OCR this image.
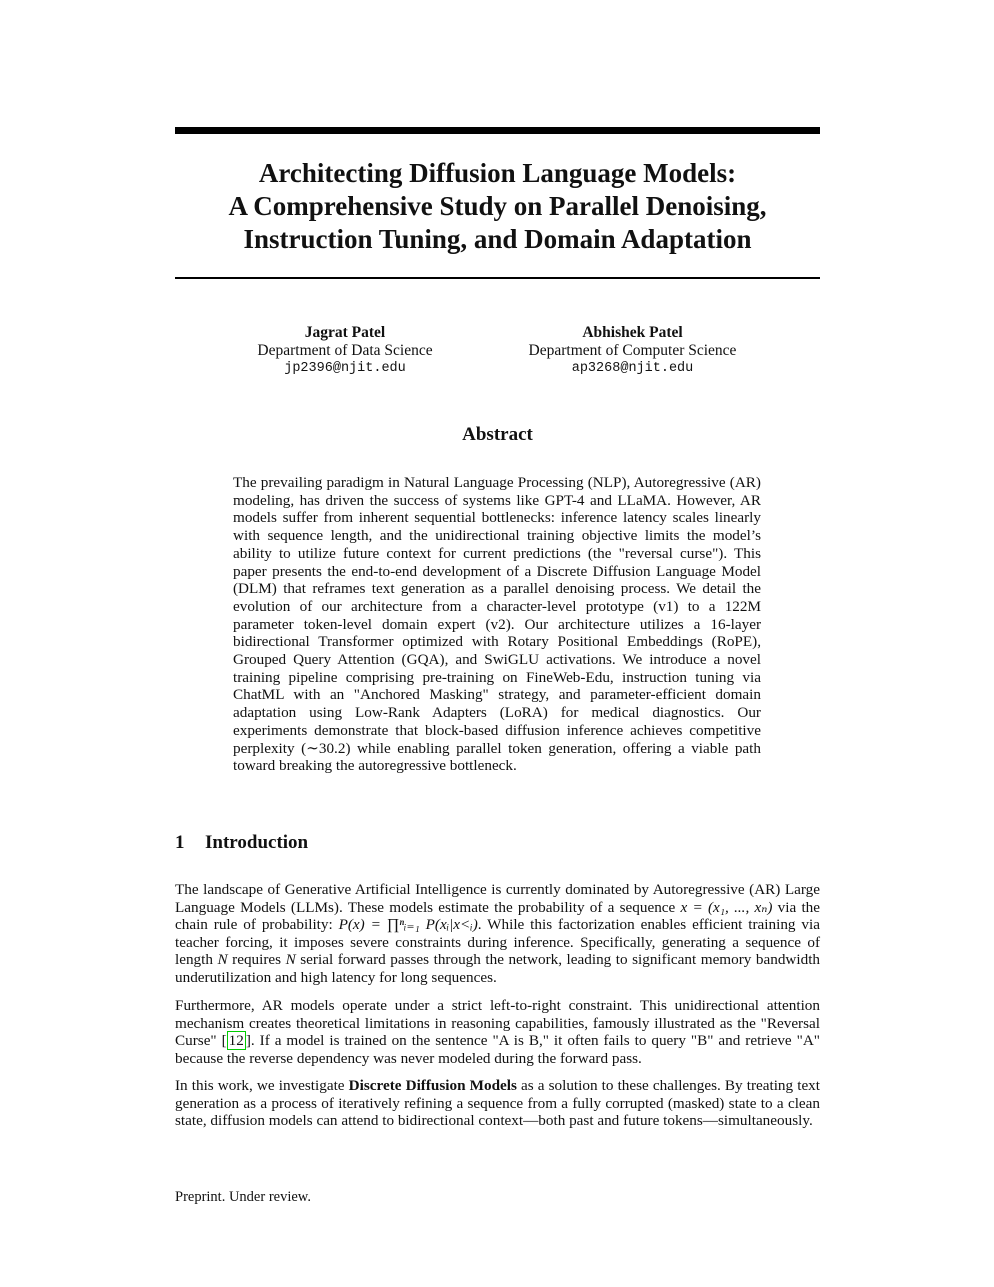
Architecting Diffusion Language Models:
A Comprehensive Study on Parallel Denoising,
Instruction Tuning, and Domain Adaptation
Jagrat Patel
Department of Data Science
jp2396@njit.edu
Abhishek Patel
Department of Computer Science
ap3268@njit.edu
Abstract
The prevailing paradigm in Natural Language Processing (NLP), Autoregressive (AR) modeling, has driven the success of systems like GPT-4 and LLaMA. However, AR models suffer from inherent sequential bottlenecks: inference latency scales linearly with sequence length, and the unidirectional training objective limits the model’s ability to utilize future context for current predictions (the "reversal curse"). This paper presents the end-to-end development of a Discrete Diffusion Language Model (DLM) that reframes text generation as a parallel denoising process. We detail the evolution of our architecture from a character-level prototype (v1) to a 122M parameter token-level domain expert (v2). Our architecture utilizes a 16-layer bidirectional Transformer optimized with Rotary Positional Embeddings (RoPE), Grouped Query Attention (GQA), and SwiGLU activations. We introduce a novel training pipeline comprising pre-training on FineWeb-Edu, instruction tuning via ChatML with an "Anchored Masking" strategy, and parameter-efficient domain adaptation using Low-Rank Adapters (LoRA) for medical diagnostics. Our experiments demonstrate that block-based diffusion inference achieves competitive perplexity (∼30.2) while enabling parallel token generation, offering a viable path toward breaking the autoregressive bottleneck.
1 Introduction
The landscape of Generative Artificial Intelligence is currently dominated by Autoregressive (AR) Large Language Models (LLMs). These models estimate the probability of a sequence x = (x₁, ..., xₙ) via the chain rule of probability: P(x) = ∏ⁿᵢ₌₁ P(xᵢ|x<ᵢ). While this factorization enables efficient training via teacher forcing, it imposes severe constraints during inference. Specifically, generating a sequence of length N requires N serial forward passes through the network, leading to significant memory bandwidth underutilization and high latency for long sequences.
Furthermore, AR models operate under a strict left-to-right constraint. This unidirectional attention mechanism creates theoretical limitations in reasoning capabilities, famously illustrated as the "Reversal Curse" [ 12 ]. If a model is trained on the sentence "A is B," it often fails to query "B" and retrieve "A" because the reverse dependency was never modeled during the forward pass.
In this work, we investigate Discrete Diffusion Models as a solution to these challenges. By treating text generation as a process of iteratively refining a sequence from a fully corrupted (masked) state to a clean state, diffusion models can attend to bidirectional context—both past and future tokens—simultaneously.
Preprint. Under review.
